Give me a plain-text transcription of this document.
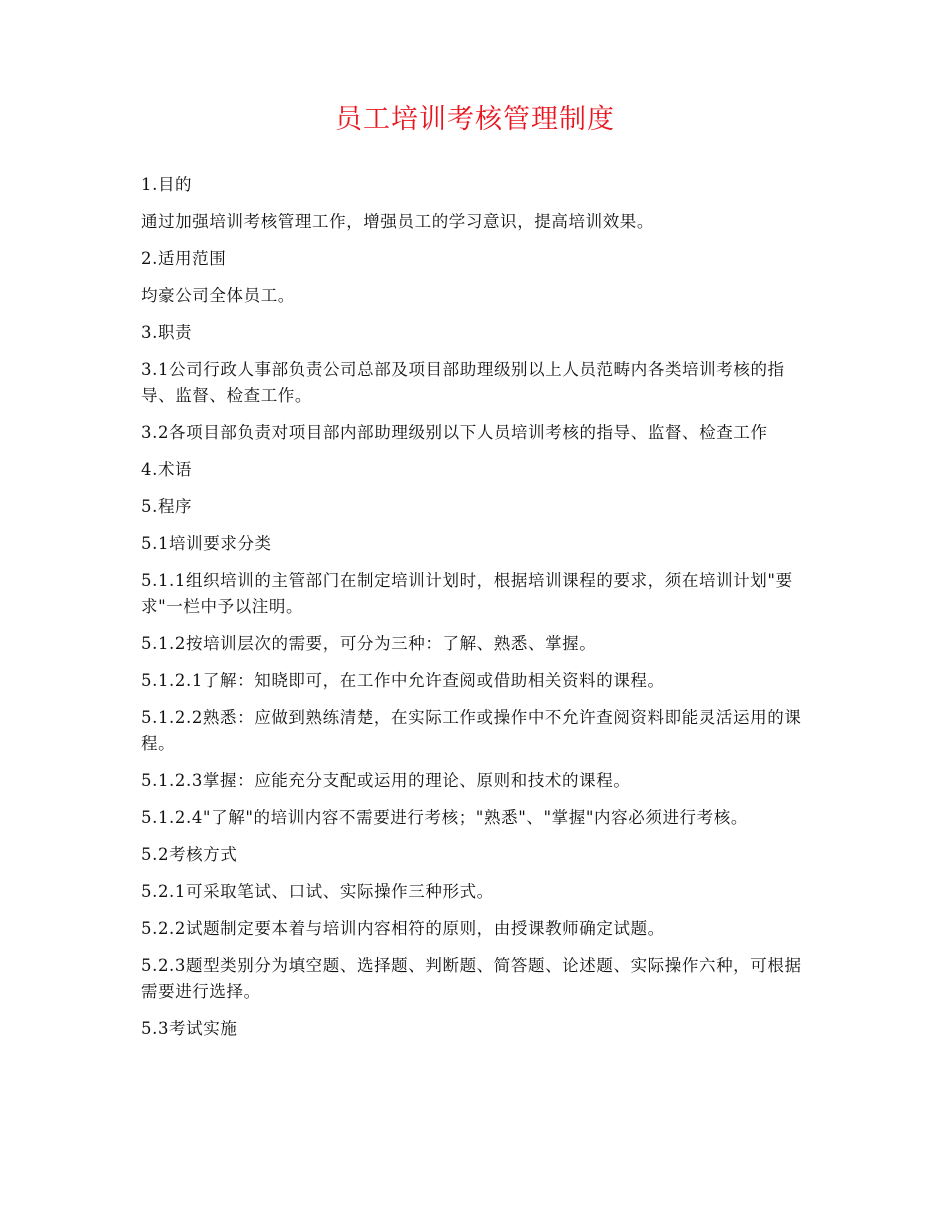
员工培训考核管理制度

1.目的

通过加强培训考核管理工作，增强员工的学习意识，提高培训效果。

2.适用范围

均豪公司全体员工。

3.职责

3.1公司行政人事部负责公司总部及项目部助理级别以上人员范畴内各类培训考核的指导、监督、检查工作。

3.2各项目部负责对项目部内部助理级别以下人员培训考核的指导、监督、检查工作

4.术语

5.程序

5.1培训要求分类

5.1.1组织培训的主管部门在制定培训计划时，根据培训课程的要求，须在培训计划"要求"一栏中予以注明。

5.1.2按培训层次的需要，可分为三种：了解、熟悉、掌握。

5.1.2.1了解：知晓即可，在工作中允许查阅或借助相关资料的课程。

5.1.2.2熟悉：应做到熟练清楚，在实际工作或操作中不允许查阅资料即能灵活运用的课程。

5.1.2.3掌握：应能充分支配或运用的理论、原则和技术的课程。

5.1.2.4"了解"的培训内容不需要进行考核；"熟悉"、"掌握"内容必须进行考核。

5.2考核方式

5.2.1可采取笔试、口试、实际操作三种形式。

5.2.2试题制定要本着与培训内容相符的原则，由授课教师确定试题。

5.2.3题型类别分为填空题、选择题、判断题、简答题、论述题、实际操作六种，可根据需要进行选择。

5.3考试实施
